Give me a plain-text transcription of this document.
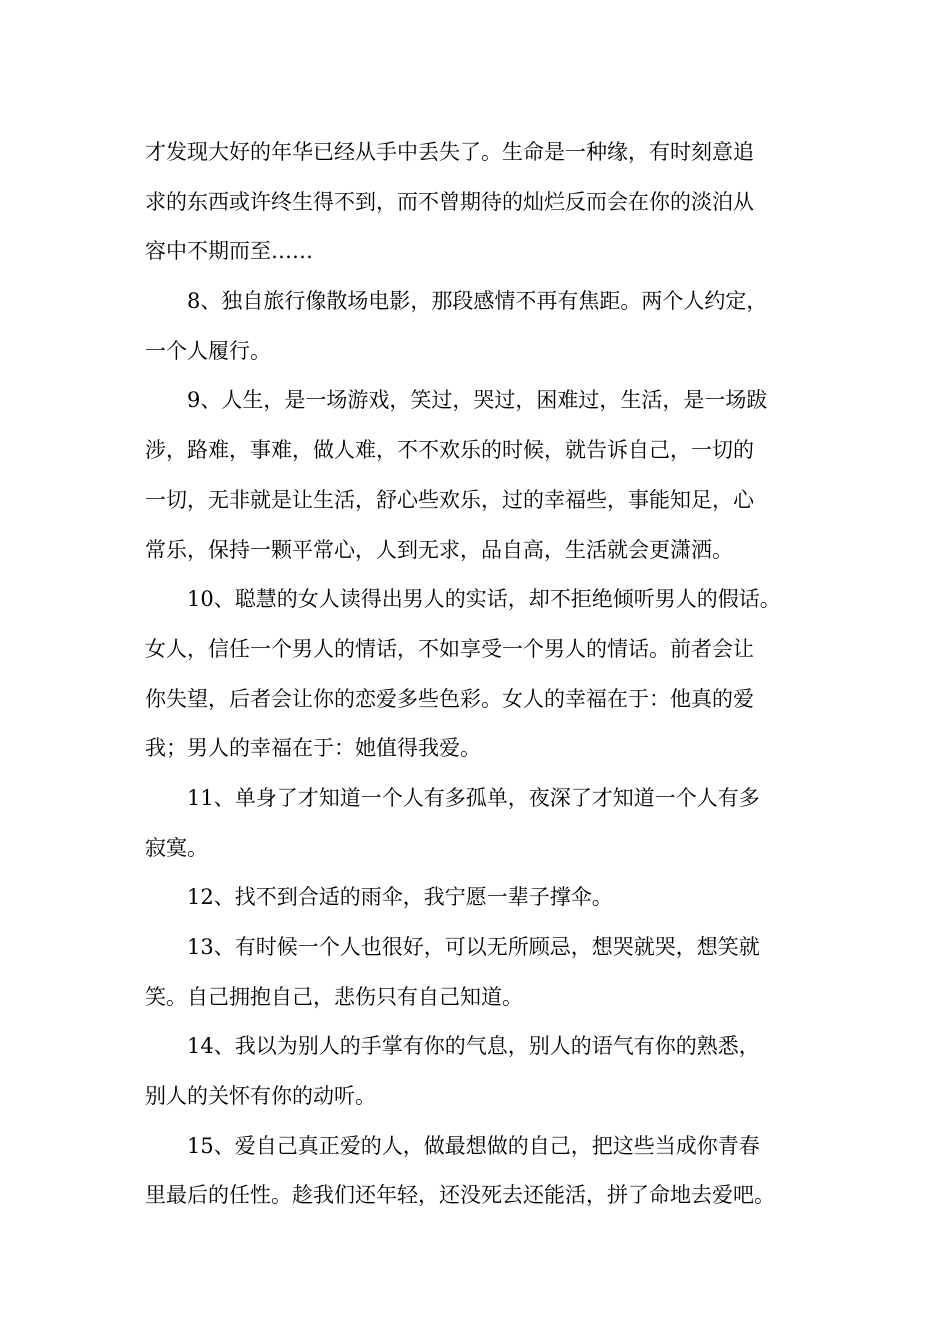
才发现大好的年华已经从手中丢失了。生命是一种缘，有时刻意追
求的东西或许终生得不到，而不曾期待的灿烂反而会在你的淡泊从
容中不期而至……
8、独自旅行像散场电影，那段感情不再有焦距。两个人约定，
一个人履行。
9、人生，是一场游戏，笑过，哭过，困难过，生活，是一场跋
涉，路难，事难，做人难，不不欢乐的时候，就告诉自己，一切的
一切，无非就是让生活，舒心些欢乐，过的幸福些，事能知足，心
常乐，保持一颗平常心，人到无求，品自高，生活就会更潇洒。
10、聪慧的女人读得出男人的实话，却不拒绝倾听男人的假话。
女人，信任一个男人的情话，不如享受一个男人的情话。前者会让
你失望，后者会让你的恋爱多些色彩。女人的幸福在于：他真的爱
我；男人的幸福在于：她值得我爱。
11、单身了才知道一个人有多孤单，夜深了才知道一个人有多
寂寞。
12、找不到合适的雨伞，我宁愿一辈子撑伞。
13、有时候一个人也很好，可以无所顾忌，想哭就哭，想笑就
笑。自己拥抱自己，悲伤只有自己知道。
14、我以为别人的手掌有你的气息，别人的语气有你的熟悉，
别人的关怀有你的动听。
15、爱自己真正爱的人，做最想做的自己，把这些当成你青春
里最后的任性。趁我们还年轻，还没死去还能活，拼了命地去爱吧。
